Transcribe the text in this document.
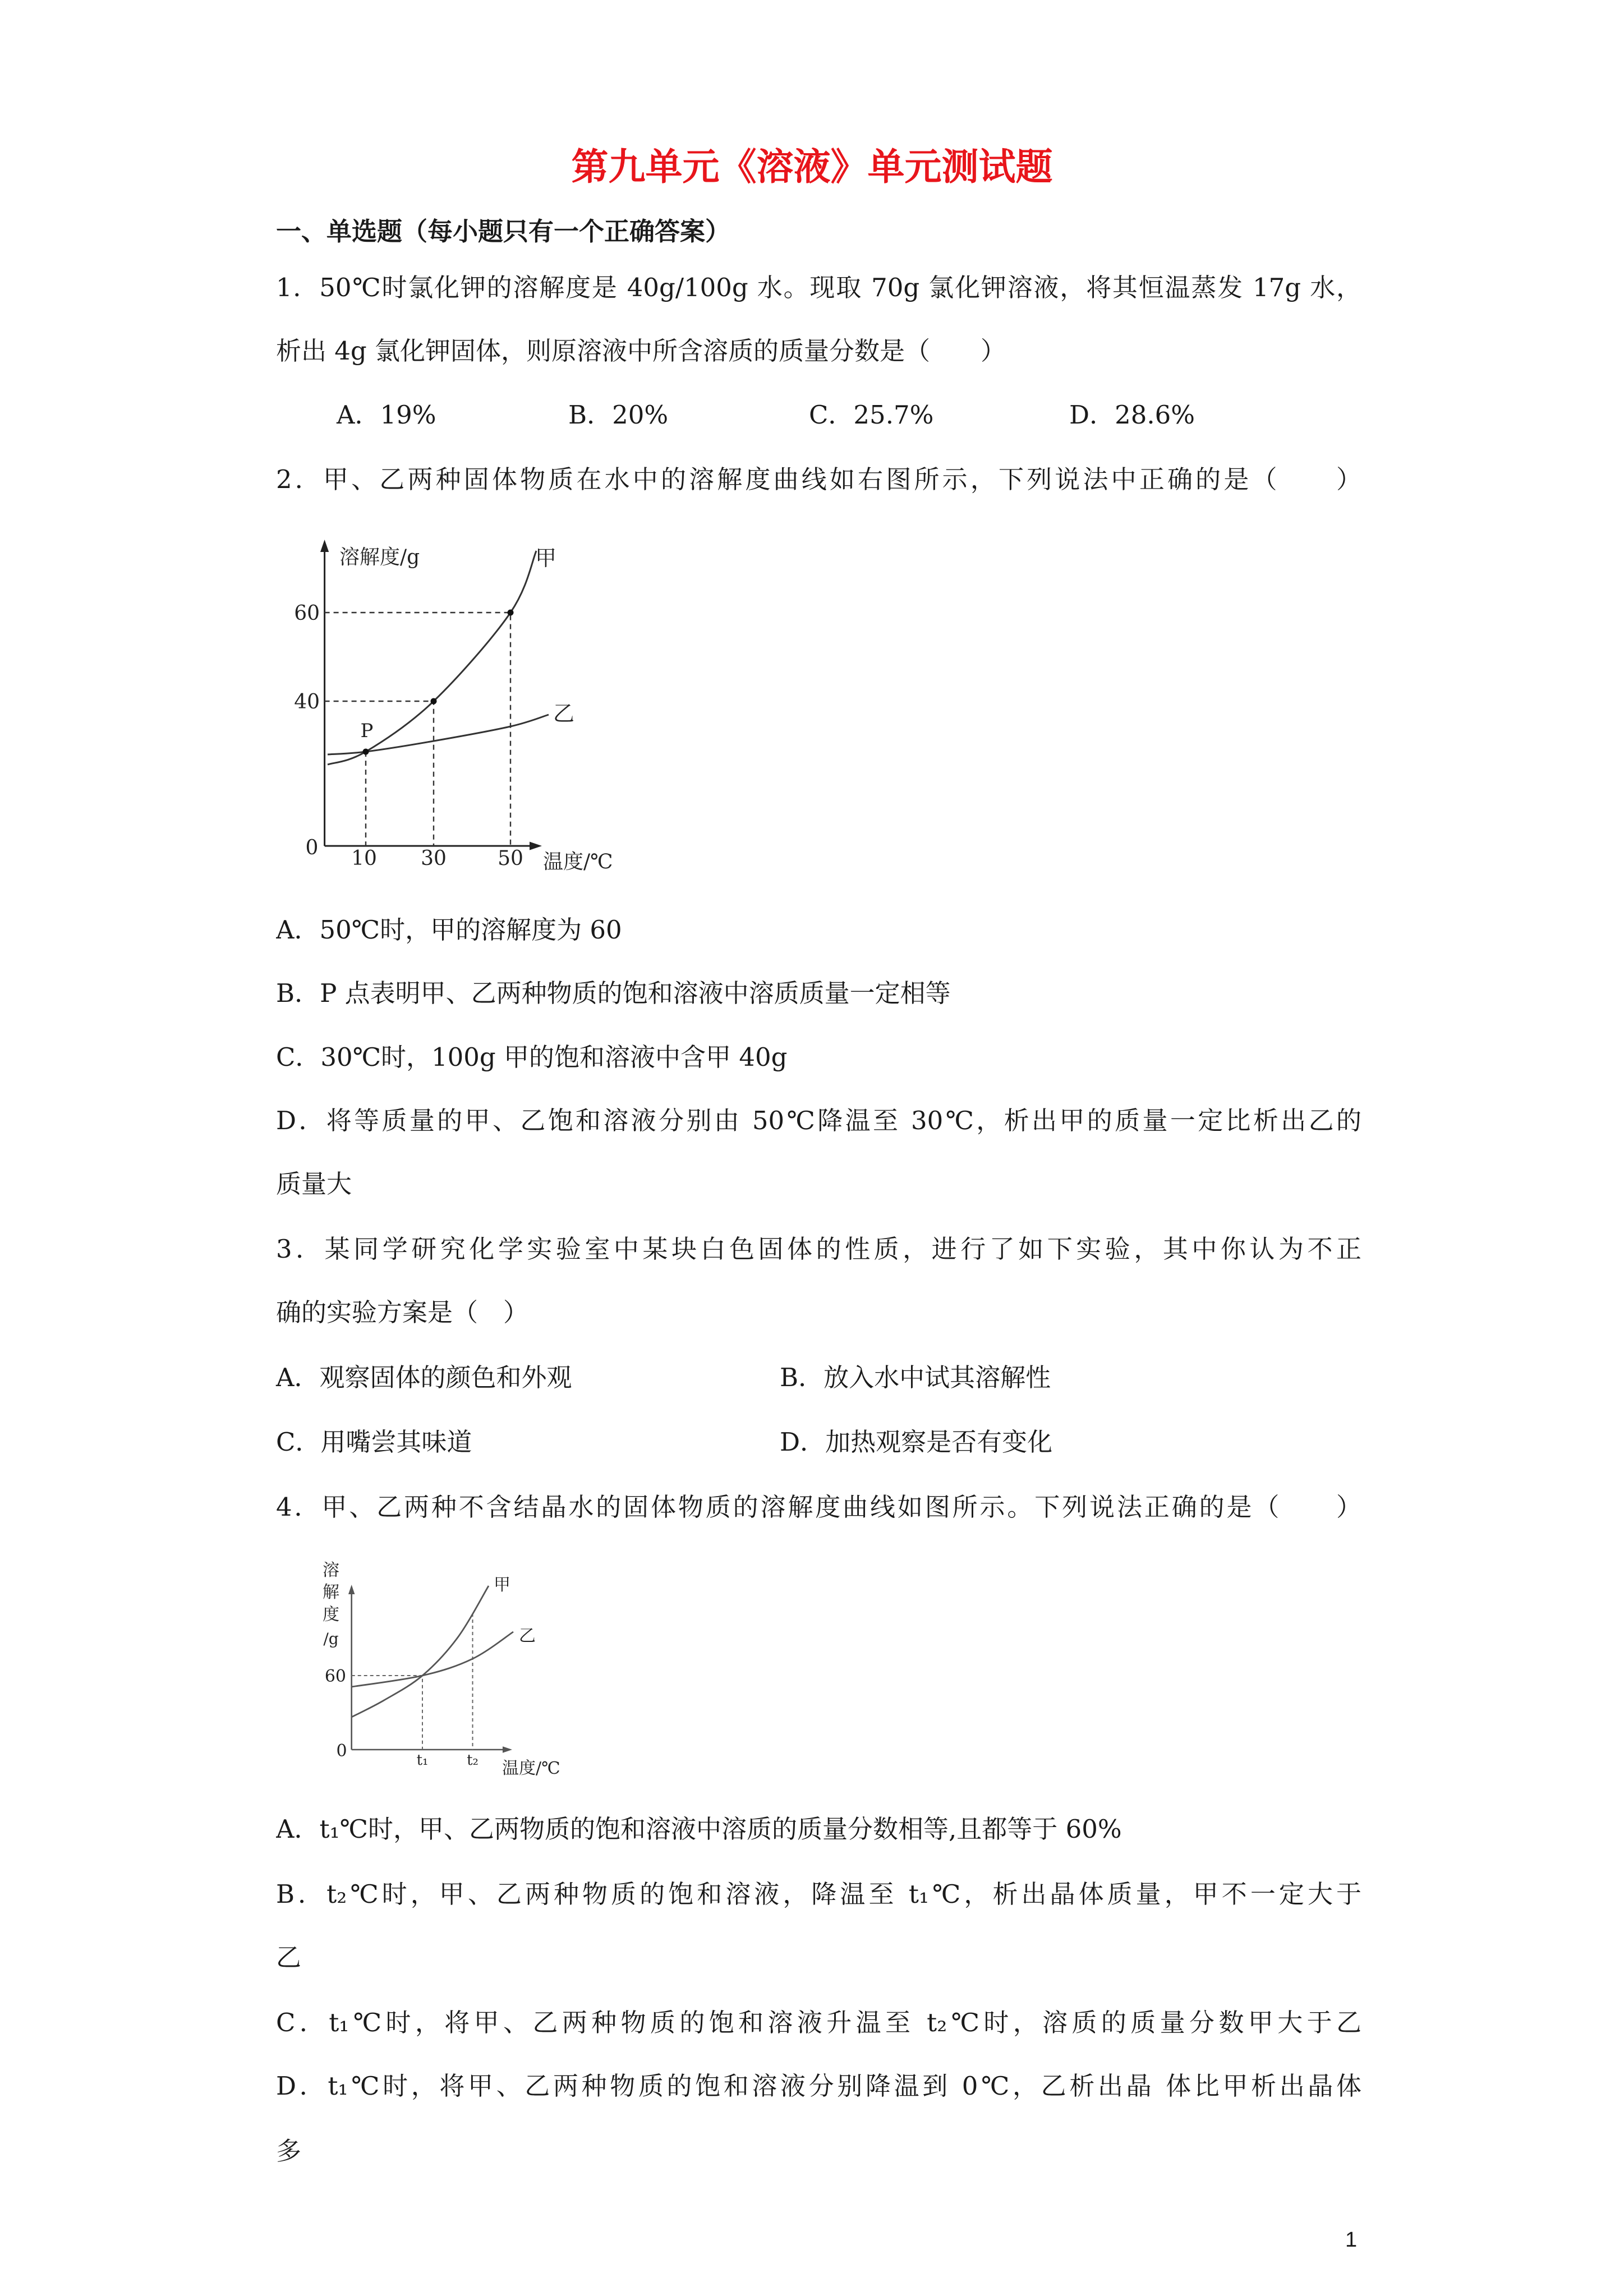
第九单元《溶液》单元测试题
一、单选题（每小题只有一个正确答案）
1．50℃时氯化钾的溶解度是 40g/100g 水。现取 70g 氯化钾溶液，将其恒温蒸发 17g 水，
析出 4g 氯化钾固体，则原溶液中所含溶质的质量分数是（　　）
A．19%	B．20%	C．25.7%	D．28.6%
2．甲、乙两种固体物质在水中的溶解度曲线如右图所示，下列说法中正确的是（　　）
溶解度/g
温度/℃
60
40
0 10 30	50
甲
乙
P
A．50℃时，甲的溶解度为 60
B．P 点表明甲、乙两种物质的饱和溶液中溶质质量一定相等
C．30℃时，100g 甲的饱和溶液中含甲 40g
D．将等质量的甲、乙饱和溶液分别由 50℃降温至 30℃，析出甲的质量一定比析出乙的
质量大
3．某同学研究化学实验室中某块白色固体的性质，进行了如下实验，其中你认为不正
确的实验方案是（　）
A．观察固体的颜色和外观	B．放入水中试其溶解性
C．用嘴尝其味道	D．加热观察是否有变化
4．甲、乙两种不含结晶水的固体物质的溶解度曲线如图所示。下列说法正确的是（　　）
溶
解
度
/g
60
0	t₁	t₂ 温度/℃
甲
乙
A．t₁℃时，甲、乙两物质的饱和溶液中溶质的质量分数相等,且都等于 60%
B．t₂℃时，甲、乙两种物质的饱和溶液，降温至 t₁℃，析出晶体质量，甲不一定大于
乙
C．t₁℃时，将甲、乙两种物质的饱和溶液升温至 t₂℃时，溶质的质量分数甲大于乙
D．t₁℃时，将甲、乙两种物质的饱和溶液分别降温到 0℃，乙析出晶 体比甲析出晶体
多
1
